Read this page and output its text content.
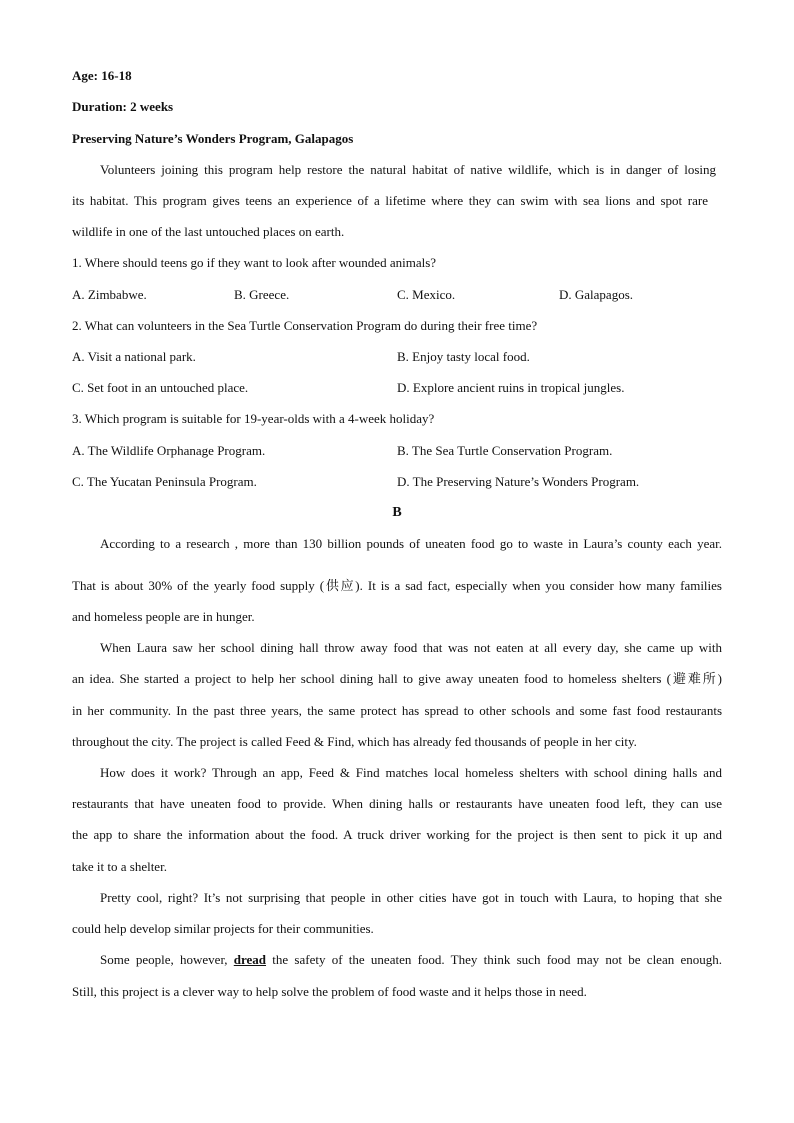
Age: 16-18
Duration: 2 weeks
Preserving Nature’s Wonders Program, Galapagos
Volunteers joining this program help restore the natural habitat of native wildlife, which is in danger of losing
its habitat. This program gives teens an experience of a lifetime where they can swim with sea lions and spot rare
wildlife in one of the last untouched places on earth.
1. Where should teens go if they want to look after wounded animals?
A. Zimbabwe.	B. Greece.	C. Mexico.	D. Galapagos.
2. What can volunteers in the Sea Turtle Conservation Program do during their free time?
A. Visit a national park.	B. Enjoy tasty local food.
C. Set foot in an untouched place.	D. Explore ancient ruins in tropical jungles.
3. Which program is suitable for 19-year-olds with a 4-week holiday?
A. The Wildlife Orphanage Program.	B. The Sea Turtle Conservation Program.
C. The Yucatan Peninsula Program.	D. The Preserving Nature’s Wonders Program.
B
According to a research , more than 130 billion pounds of uneaten food go to waste in Laura’s county each year.
That is about 30% of the yearly food supply (供应). It is a sad fact, especially when you consider how many families
and homeless people are in hunger.
When Laura saw her school dining hall throw away food that was not eaten at all every day, she came up with
an idea. She started a project to help her school dining hall to give away uneaten food to homeless shelters (避难所)
in her community. In the past three years, the same protect has spread to other schools and some fast food restaurants
throughout the city. The project is called Feed & Find, which has already fed thousands of people in her city.
How does it work? Through an app, Feed & Find matches local homeless shelters with school dining halls and
restaurants that have uneaten food to provide. When dining halls or restaurants have uneaten food left, they can use
the app to share the information about the food. A truck driver working for the project is then sent to pick it up and
take it to a shelter.
Pretty cool, right? It’s not surprising that people in other cities have got in touch with Laura, to hoping that she
could help develop similar projects for their communities.
Some people, however, dread the safety of the uneaten food. They think such food may not be clean enough.
Still, this project is a clever way to help solve the problem of food waste and it helps those in need.
